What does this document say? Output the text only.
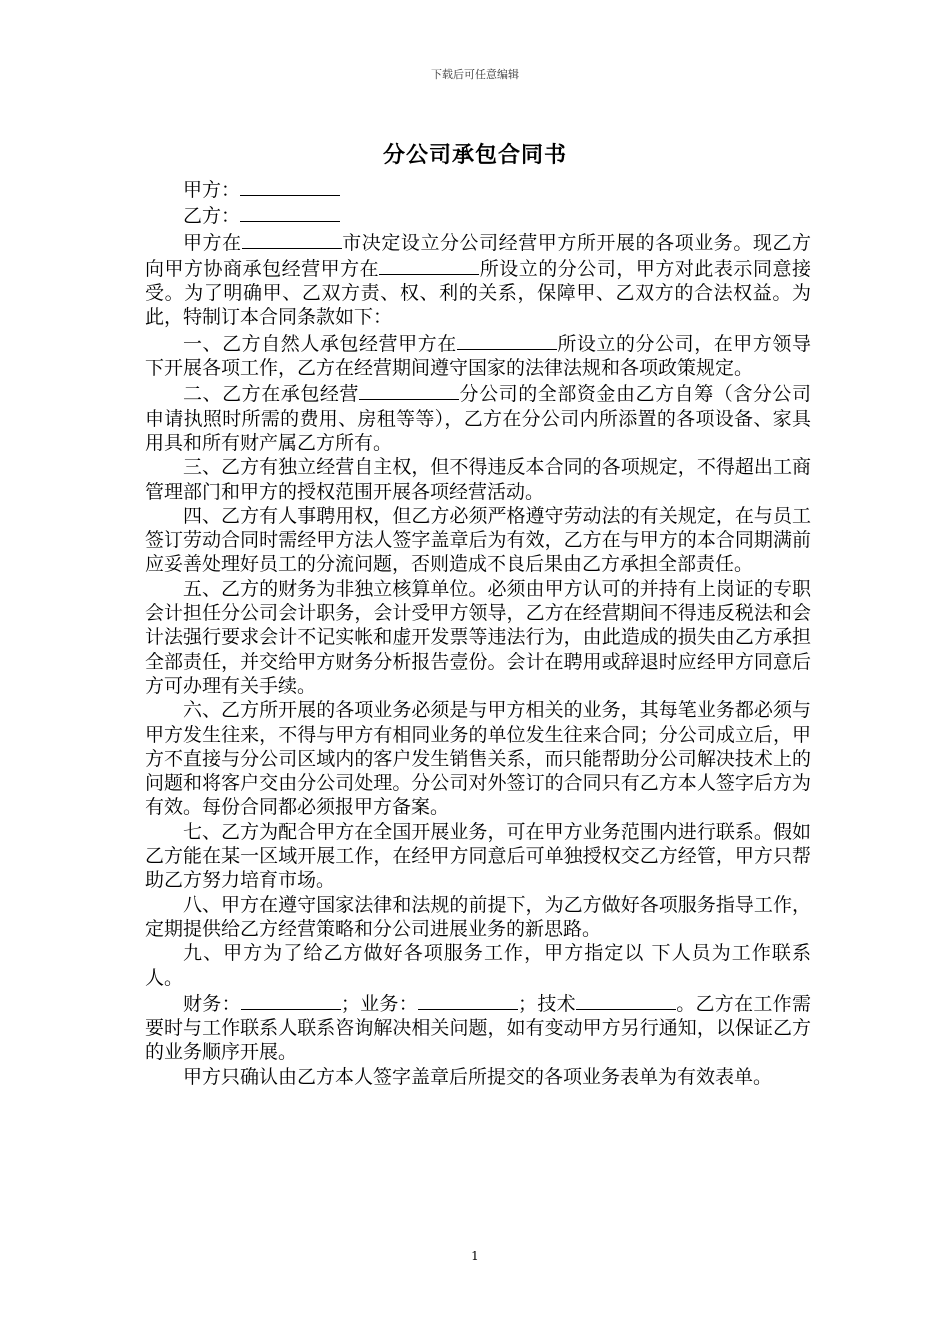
下载后可任意编辑
分公司承包合同书

甲方：

乙方：

甲方在	市决定设立分公司经营甲方所开展的各项业务。现乙方向甲方协商承包经营甲方在	所设立的分公司，甲方对此表示同意接受。为了明确甲、乙双方责、权、利的关系，保障甲、乙双方的合法权益。为此，特制订本合同条款如下：

一、乙方自然人承包经营甲方在	所设立的分公司，在甲方领导下开展各项工作，乙方在经营期间遵守国家的法律法规和各项政策规定。

二、乙方在承包经营	分公司的全部资金由乙方自筹（含分公司申请执照时所需的费用、房租等等），乙方在分公司内所添置的各项设备、家具用具和所有财产属乙方所有。

三、乙方有独立经营自主权，但不得违反本合同的各项规定，不得超出工商管理部门和甲方的授权范围开展各项经营活动。

四、乙方有人事聘用权，但乙方必须严格遵守劳动法的有关规定，在与员工签订劳动合同时需经甲方法人签字盖章后为有效，乙方在与甲方的本合同期满前应妥善处理好员工的分流问题，否则造成不良后果由乙方承担全部责任。

五、乙方的财务为非独立核算单位。必须由甲方认可的并持有上岗证的专职会计担任分公司会计职务，会计受甲方领导，乙方在经营期间不得违反税法和会计法强行要求会计不记实帐和虚开发票等违法行为，由此造成的损失由乙方承担全部责任，并交给甲方财务分析报告壹份。会计在聘用或辞退时应经甲方同意后方可办理有关手续。

六、乙方所开展的各项业务必须是与甲方相关的业务，其每笔业务都必须与甲方发生往来，不得与甲方有相同业务的单位发生往来合同；分公司成立后，甲方不直接与分公司区域内的客户发生销售关系，而只能帮助分公司解决技术上的问题和将客户交由分公司处理。分公司对外签订的合同只有乙方本人签字后方为有效。每份合同都必须报甲方备案。

七、乙方为配合甲方在全国开展业务，可在甲方业务范围内进行联系。假如乙方能在某一区域开展工作，在经甲方同意后可单独授权交乙方经管，甲方只帮助乙方努力培育市场。

八、甲方在遵守国家法律和法规的前提下，为乙方做好各项服务指导工作，定期提供给乙方经营策略和分公司进展业务的新思路。

九、甲方为了给乙方做好各项服务工作，甲方指定以 下人员为工作联系人。

财务：	；业务：	；技术	。乙方在工作需要时与工作联系人联系咨询解决相关问题，如有变动甲方另行通知，以保证乙方的业务顺序开展。

甲方只确认由乙方本人签字盖章后所提交的各项业务表单为有效表单。

1
